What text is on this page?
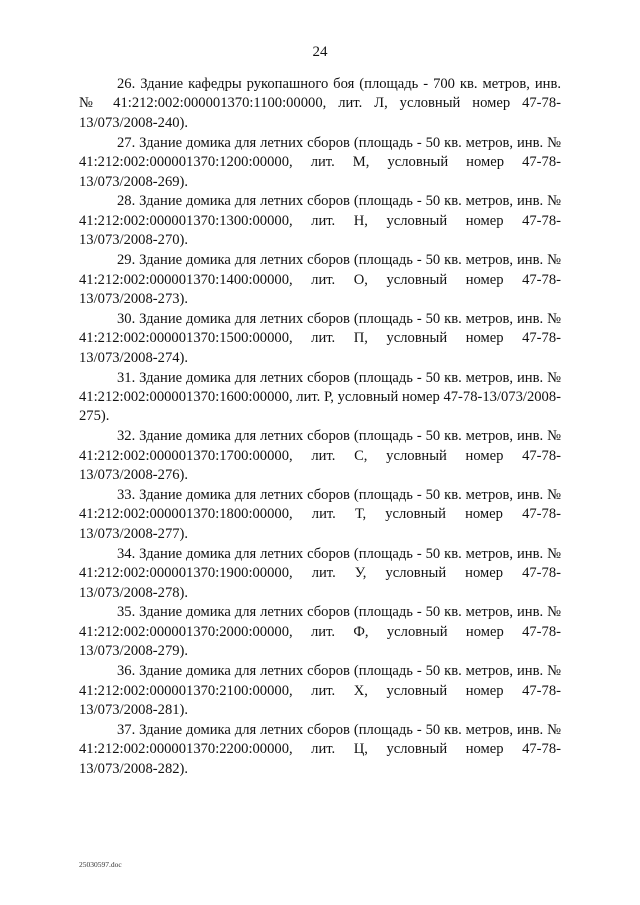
24

26. Здание кафедры рукопашного боя (площадь - 700 кв. метров, инв. № 41:212:002:000001370:1100:00000, лит. Л, условный номер 47-78-13/073/2008-240).

27. Здание домика для летних сборов (площадь - 50 кв. метров, инв. № 41:212:002:000001370:1200:00000, лит. М, условный номер 47-78-13/073/2008-269).

28. Здание домика для летних сборов (площадь - 50 кв. метров, инв. № 41:212:002:000001370:1300:00000, лит. Н, условный номер 47-78-13/073/2008-270).

29. Здание домика для летних сборов (площадь - 50 кв. метров, инв. № 41:212:002:000001370:1400:00000, лит. О, условный номер 47-78-13/073/2008-273).

30. Здание домика для летних сборов (площадь - 50 кв. метров, инв. № 41:212:002:000001370:1500:00000, лит. П, условный номер 47-78-13/073/2008-274).

31. Здание домика для летних сборов (площадь - 50 кв. метров, инв. № 41:212:002:000001370:1600:00000, лит. Р, условный номер 47-78-13/073/2008-275).

32. Здание домика для летних сборов (площадь - 50 кв. метров, инв. № 41:212:002:000001370:1700:00000, лит. С, условный номер 47-78-13/073/2008-276).

33. Здание домика для летних сборов (площадь - 50 кв. метров, инв. № 41:212:002:000001370:1800:00000, лит. Т, условный номер 47-78-13/073/2008-277).

34. Здание домика для летних сборов (площадь - 50 кв. метров, инв. № 41:212:002:000001370:1900:00000, лит. У, условный номер 47-78-13/073/2008-278).

35. Здание домика для летних сборов (площадь - 50 кв. метров, инв. № 41:212:002:000001370:2000:00000, лит. Ф, условный номер 47-78-13/073/2008-279).

36. Здание домика для летних сборов (площадь - 50 кв. метров, инв. № 41:212:002:000001370:2100:00000, лит. Х, условный номер 47-78-13/073/2008-281).

37. Здание домика для летних сборов (площадь - 50 кв. метров, инв. № 41:212:002:000001370:2200:00000, лит. Ц, условный номер 47-78-13/073/2008-282).

25030597.doc
